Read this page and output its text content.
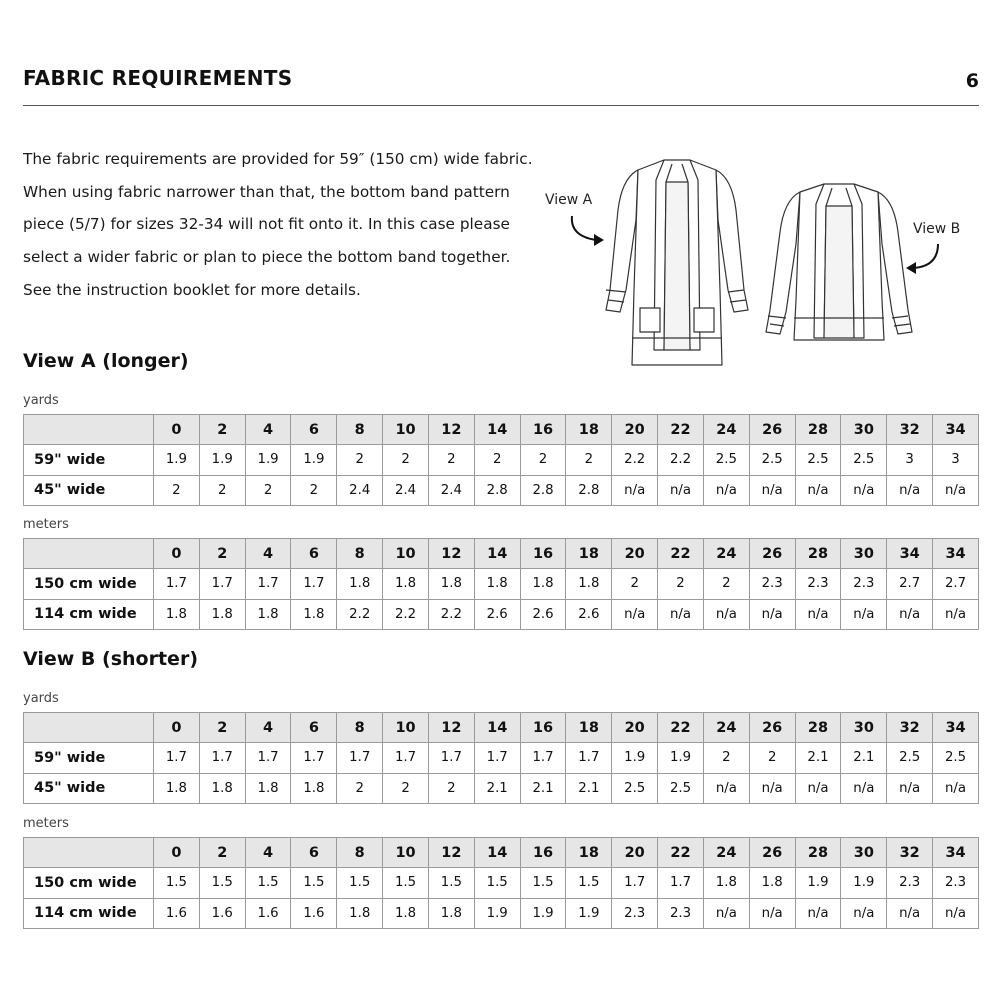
FABRIC REQUIREMENTS	6

The fabric requirements are provided for 59″ (150 cm) wide fabric.

When using fabric narrower than that, the bottom band pattern

piece (5/7) for sizes 32-34 will not fit onto it. In this case please

select a wider fabric or plan to piece the bottom band together.

See the instruction booklet for more details.

View A
View B
View A (longer)
yards
	0	2	4	6	8	10	12	14	16	18	20	22	24	26	28	30	32	34
59" wide	1.9	1.9	1.9	1.9	2	2	2	2	2	2	2.2	2.2	2.5	2.5	2.5	2.5	3	3
45" wide	2	2	2	2	2.4	2.4	2.4	2.8	2.8	2.8	n/a	n/a	n/a	n/a	n/a	n/a	n/a	n/a
meters
	0	2	4	6	8	10	12	14	16	18	20	22	24	26	28	30	34	34
150 cm wide	1.7	1.7	1.7	1.7	1.8	1.8	1.8	1.8	1.8	1.8	2	2	2	2.3	2.3	2.3	2.7	2.7
114 cm wide	1.8	1.8	1.8	1.8	2.2	2.2	2.2	2.6	2.6	2.6	n/a	n/a	n/a	n/a	n/a	n/a	n/a	n/a
View B (shorter)
yards
	0	2	4	6	8	10	12	14	16	18	20	22	24	26	28	30	32	34
59" wide	1.7	1.7	1.7	1.7	1.7	1.7	1.7	1.7	1.7	1.7	1.9	1.9	2	2	2.1	2.1	2.5	2.5
45" wide	1.8	1.8	1.8	1.8	2	2	2	2.1	2.1	2.1	2.5	2.5	n/a	n/a	n/a	n/a	n/a	n/a
meters
	0	2	4	6	8	10	12	14	16	18	20	22	24	26	28	30	32	34
150 cm wide	1.5	1.5	1.5	1.5	1.5	1.5	1.5	1.5	1.5	1.5	1.7	1.7	1.8	1.8	1.9	1.9	2.3	2.3
114 cm wide	1.6	1.6	1.6	1.6	1.8	1.8	1.8	1.9	1.9	1.9	2.3	2.3	n/a	n/a	n/a	n/a	n/a	n/a
